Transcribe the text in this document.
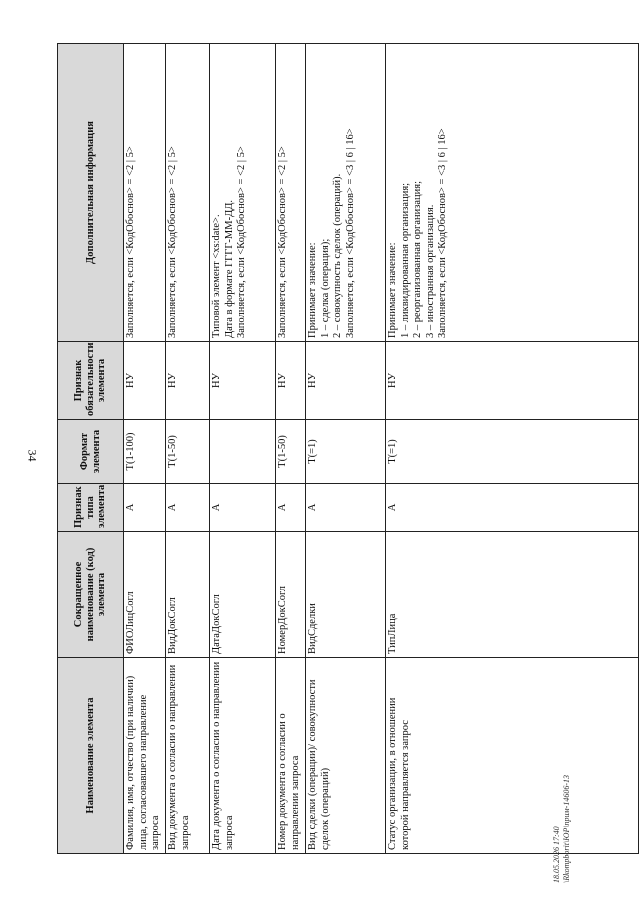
34
Наименование элемента	Сокращенное наименование (код) элемента	Признак типа элемента	Формат элемента	Признак обязательности элемента	Дополнительная информация
Фамилия, имя, отчество (при наличии) лица, согласовавшего направление запроса	ФИОЛицСогл	А	T(1-100)	НУ	Заполняется, если <КодОбоснов> = <2 | 5>

Вид документа о согласии о направлении запроса	ВидДокСогл	А	T(1-50)	НУ	Заполняется, если <КодОбоснов> = <2 | 5>

Дата документа о согласии о направлении запроса	ДатаДокСогл	А		НУ	Типовой элемент <xs:date>. Дата в формате ГГГГ-ММ-ДД. Заполняется, если <КодОбоснов> = <2 | 5>

Номер документа о согласии о направлении запроса	НомерДокСогл	А	T(1-50)	НУ	Заполняется, если <КодОбоснов> = <2 | 5>

Вид сделки (операции)/ совокупности сделок (операций)	ВидСделки	А	T(=1)	НУ	Принимает значение: 1 – сделка (операция); 2 – совокупность сделок (операций). Заполняется, если <КодОбоснов> = <3 | 6 | 16>

Статус организации, в отношении которой направляется запрос	ТипЛица	А	T(=1)	НУ	Принимает значение: 1 – ликвидированная организация; 2 – реорганизованная организация; 3 – иностранная организация. Заполняется, если <КодОбоснов> = <3 | 6 | 16>
18.05.2026 17:40
\Rkompborit\ЮР\прим-14606-13
